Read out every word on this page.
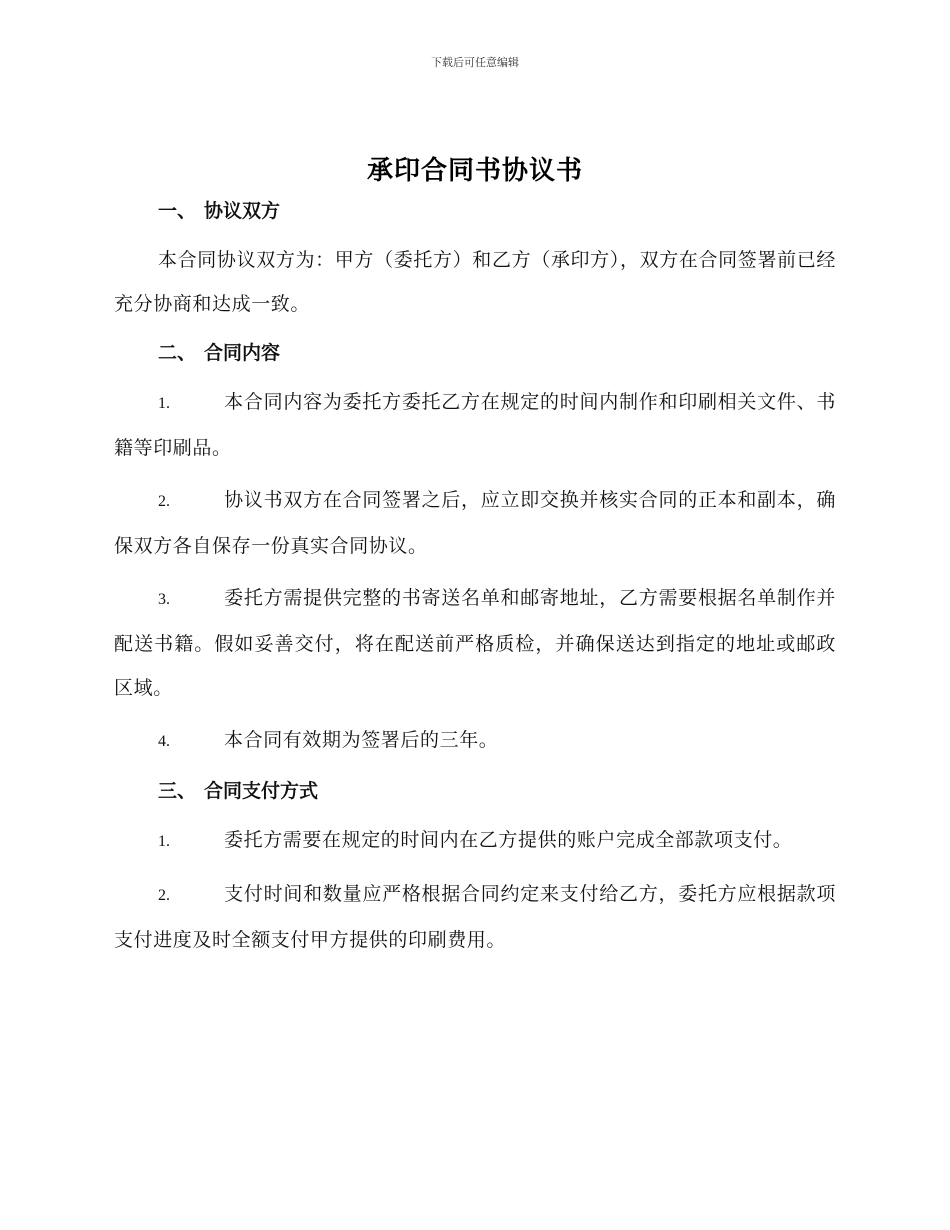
下载后可任意编辑
承印合同书协议书
一、 协议双方

本合同协议双方为：甲方（委托方）和乙方（承印方），双方在合同签署前已经充分协商和达成一致。

二、 合同内容

1.	本合同内容为委托方委托乙方在规定的时间内制作和印刷相关文件、书籍等印刷品。

2.	协议书双方在合同签署之后，应立即交换并核实合同的正本和副本，确保双方各自保存一份真实合同协议。

3.	委托方需提供完整的书寄送名单和邮寄地址，乙方需要根据名单制作并配送书籍。假如妥善交付，将在配送前严格质检，并确保送达到指定的地址或邮政区域。

4.	本合同有效期为签署后的三年。

三、 合同支付方式

1.	委托方需要在规定的时间内在乙方提供的账户完成全部款项支付。

2.	支付时间和数量应严格根据合同约定来支付给乙方，委托方应根据款项支付进度及时全额支付甲方提供的印刷费用。
